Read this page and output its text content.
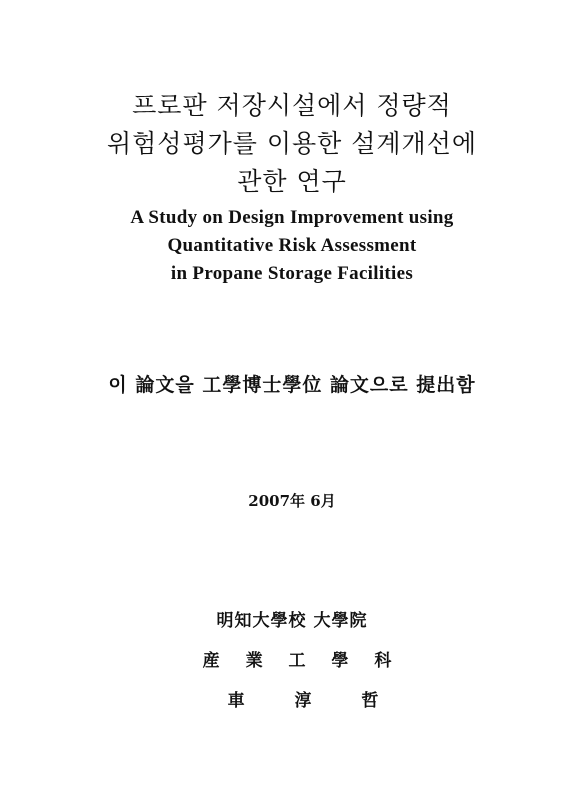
프로판 저장시설에서 정량적
위험성평가를 이용한 설계개선에
관한 연구
A Study on Design Improvement using
Quantitative Risk Assessment
in Propane Storage Facilities
이 論文을 工學博士學位 論文으로 提出함
2007年 6月
明知大學校 大學院
産 業 工 學 科
車 淳 哲
